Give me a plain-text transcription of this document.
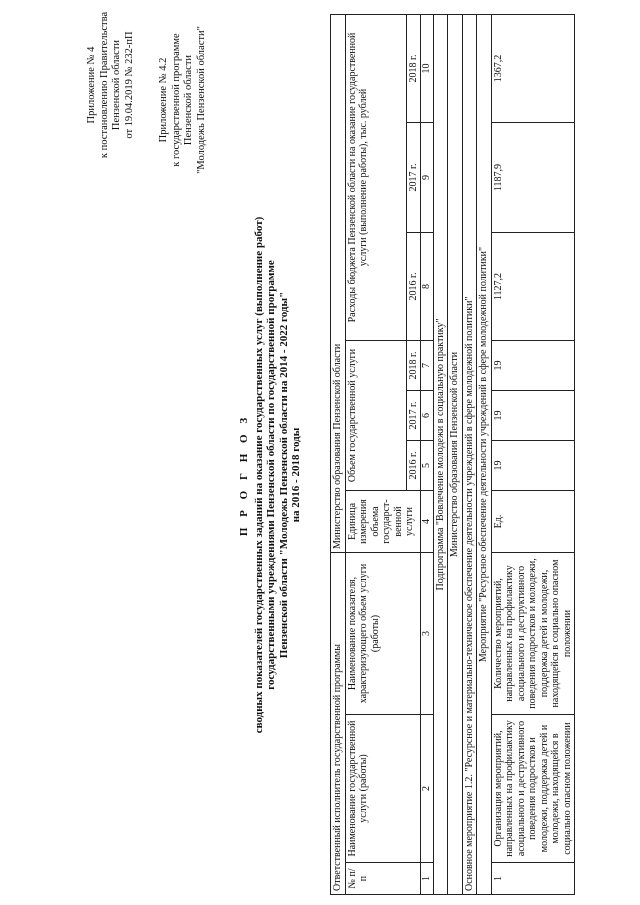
Приложение № 4 к постановлению Правительства Пензенской области от 19.04.2019 № 232-пП Приложение № 4.2 к государственной программе Пензенской области "Молодежь Пензенской области"
П Р О Г Н О З сводных показателей государственных заданий на оказание государственных услуг (выполнение работ) государственными учреждениями Пензенской области по государственной программе Пензенской области "Молодежь Пензенской области на 2014 - 2022 годы" на 2016 - 2018 годы
Ответственный исполнитель государственной программы			Министерство образования Пензенской области						
№ п/п	Наименование государственной услуги (работы)	Наименование показателя, характеризующего объем услуги (работы)	Единица измерения объема государст-венной услуги	Объем государственной услуги			Расходы бюджета Пензенской области на оказание государственной услуги (выполнение работы), тыс. рублей		
				2016 г.	2017 г.	2018 г.	2016 г.	2017 г.	2018 г.
1	2	3	4	5	6	7	8	9	10
Подпрограмма "Вовлечение молодежи в социальную практику"									
Министерство образования Пензенской области									
Основное мероприятие 1.2. "Ресурсное и материально-техническое обеспечение деятельности учреждений в сфере молодежной политики"									
Мероприятие "Ресурсное обеспечение деятельности учреждений в сфере молодежной политики"									
1	Организация мероприятий, направленных на профилактику асоциального и деструктивного поведения подростков и молодежи, поддержка детей и молодежи, находящейся в социально опасном положении	Количество мероприятий, направленных на профилактику асоциального и деструктивного поведения подростков и молодежи, поддержка детей и молодежи, находящейся в социально опасном положении	Ед.	19	19	19	1127,2	1187,9	1367,2
